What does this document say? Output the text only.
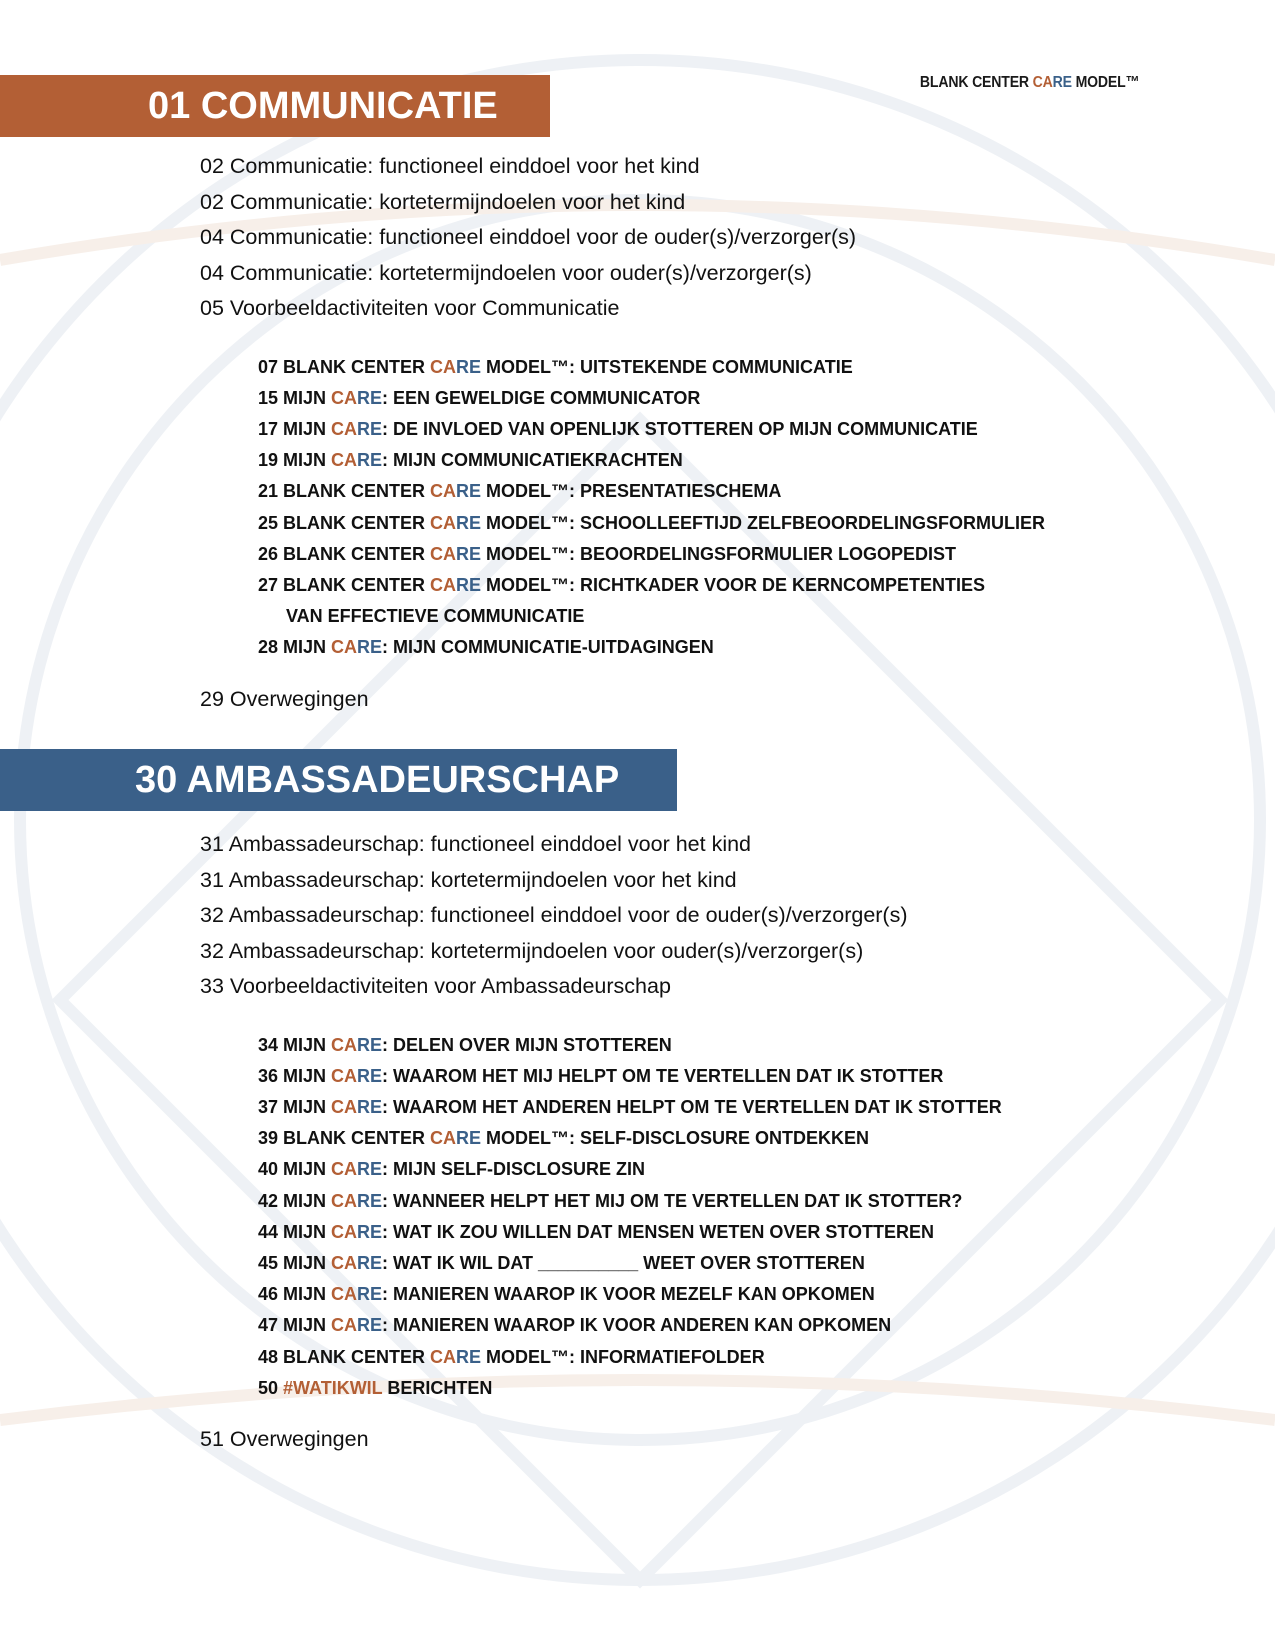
BLANK CENTER CARE MODEL™
01 COMMUNICATIE
02 Communicatie: functioneel einddoel voor het kind
02 Communicatie: kortetermijndoelen voor het kind
04 Communicatie: functioneel einddoel voor de ouder(s)/verzorger(s)
04 Communicatie: kortetermijndoelen voor ouder(s)/verzorger(s)
05 Voorbeeldactiviteiten voor Communicatie
07 BLANK CENTER CARE MODEL™: UITSTEKENDE COMMUNICATIE
15 MIJN CARE: EEN GEWELDIGE COMMUNICATOR
17 MIJN CARE: DE INVLOED VAN OPENLIJK STOTTEREN OP MIJN COMMUNICATIE
19 MIJN CARE: MIJN COMMUNICATIEKRACHTEN
21 BLANK CENTER CARE MODEL™: PRESENTATIESCHEMA
25 BLANK CENTER CARE MODEL™: SCHOOLLEEFTIJD ZELFBEOORDELINGSFORMULIER
26 BLANK CENTER CARE MODEL™: BEOORDELINGSFORMULIER LOGOPEDIST
27 BLANK CENTER CARE MODEL™: RICHTKADER VOOR DE KERNCOMPETENTIES
VAN EFFECTIEVE COMMUNICATIE
28 MIJN CARE: MIJN COMMUNICATIE-UITDAGINGEN
29 Overwegingen
30 AMBASSADEURSCHAP
31 Ambassadeurschap: functioneel einddoel voor het kind
31 Ambassadeurschap: kortetermijndoelen voor het kind
32 Ambassadeurschap: functioneel einddoel voor de ouder(s)/verzorger(s)
32 Ambassadeurschap: kortetermijndoelen voor ouder(s)/verzorger(s)
33 Voorbeeldactiviteiten voor Ambassadeurschap
34 MIJN CARE: DELEN OVER MIJN STOTTEREN
36 MIJN CARE: WAAROM HET MIJ HELPT OM TE VERTELLEN DAT IK STOTTER
37 MIJN CARE: WAAROM HET ANDEREN HELPT OM TE VERTELLEN DAT IK STOTTER
39 BLANK CENTER CARE MODEL™: SELF-DISCLOSURE ONTDEKKEN
40 MIJN CARE: MIJN SELF-DISCLOSURE ZIN
42 MIJN CARE: WANNEER HELPT HET MIJ OM TE VERTELLEN DAT IK STOTTER?
44 MIJN CARE: WAT IK ZOU WILLEN DAT MENSEN WETEN OVER STOTTEREN
45 MIJN CARE: WAT IK WIL DAT __________ WEET OVER STOTTEREN
46 MIJN CARE: MANIEREN WAAROP IK VOOR MEZELF KAN OPKOMEN
47 MIJN CARE: MANIEREN WAAROP IK VOOR ANDEREN KAN OPKOMEN
48 BLANK CENTER CARE MODEL™: INFORMATIEFOLDER
50 #WATIKWIL BERICHTEN
51 Overwegingen
